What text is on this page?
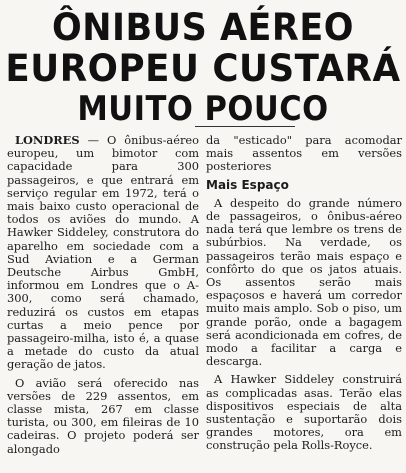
ÔNIBUS AÉREO
EUROPEU CUSTARÁ
MUITO POUCO

LONDRES — O ônibus-aéreo europeu, um bimotor com capacidade para 300 passageiros, e que entrará em serviço regular em 1972, terá o mais baixo custo operacional de todos os aviões do mundo. A Hawker Siddeley, construtora do aparelho em sociedade com a Sud Aviation e a German Deutsche Airbus GmbH, informou em Londres que o A-300, como será chamado, reduzirá os custos em etapas curtas a meio pence por passageiro-milha, isto é, a quase a metade do custo da atual geração de jatos.

O avião será oferecido nas versões de 229 assentos, em classe mista, 267 em classe turista, ou 300, em fileiras de 10 cadeiras. O projeto poderá ser alongado

da "esticado" para acomodar mais assentos em versões posteriores

Mais Espaço

A despeito do grande número de passageiros, o ônibus-aéreo nada terá que lembre os trens de subúrbios. Na verdade, os passageiros terão mais espaço e confôrto do que os jatos atuais. Os assentos serão mais espaçosos e haverá um corredor muito mais amplo. Sob o piso, um grande porão, onde a bagagem será acondicionada em cofres, de modo a facilitar a carga e descarga.

A Hawker Siddeley construirá as complicadas asas. Terão elas dispositivos especiais de alta sustentação e suportarão dois grandes motores, ora em construção pela Rolls-Royce.
